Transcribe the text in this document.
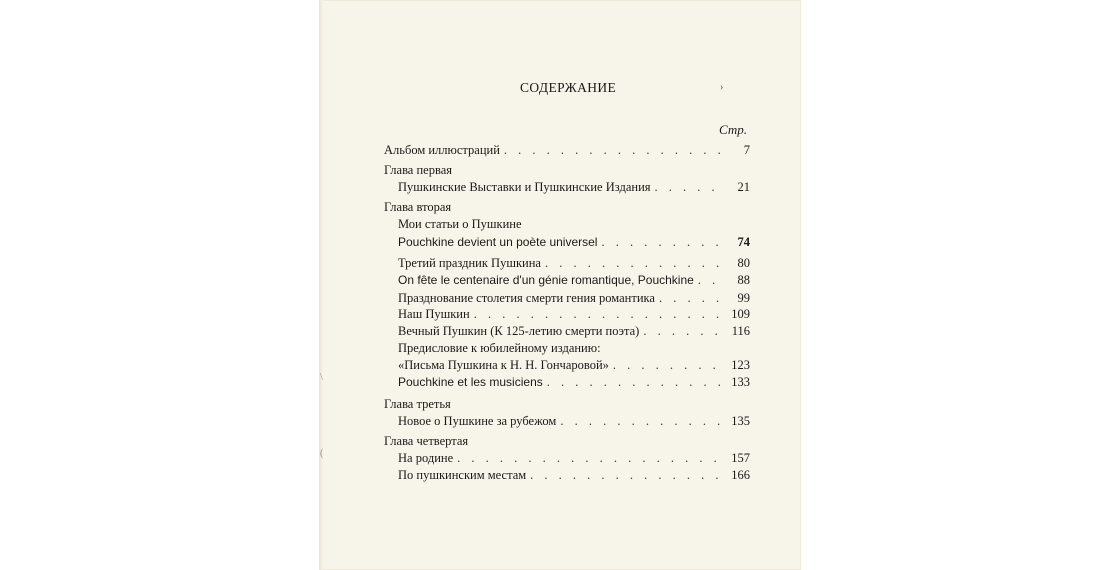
СОДЕРЖАНИЕ	›
\
(
Стр.
Альбом иллюстраций . . .	7
Глава первая
Пушкинские Выставки и Пушкинские Издания . . .	21
Глава вторая
Мои статьи о Пушкине
Pouchkine devient un poète universel . . .	74
Третий праздник Пушкина . . .	80
On fête le centenaire d'un génie romantique, Pouchkine . . .	88
Празднование столетия смерти гения романтика . . .	99
Наш Пушкин . . .	109
Вечный Пушкин (К 125-летию смерти поэта) . . .	116
Предисловие к юбилейному изданию:
«Письма Пушкина к Н. Н. Гончаровой» . . .	123
Pouchkine et les musiciens . . .	133
Глава третья
Новое о Пушкине за рубежом . . .	135
Глава четвертая
На родине . . .	157
По пушкинским местам . . .	166
